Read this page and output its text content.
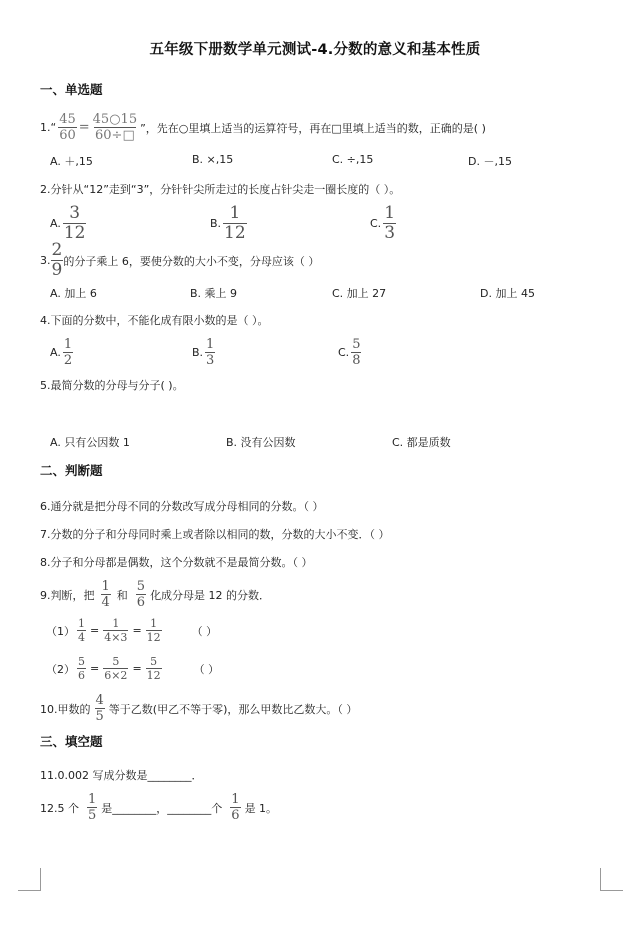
五年级下册数学单元测试-4.分数的意义和基本性质
一、单选题
1.“ $\frac{45}{60} = \frac{45○15}{60\div□}$ ”，先在○里填上适当的运算符号，再在□里填上适当的数，正确的是( )
A. ＋,15	B. ×,15	C. ÷,15	D. －,15
2.分针从“12”走到“3”，分针针尖所走过的长度占针尖走一圈长度的（ ）。
A. $\frac{3}{12}$	B. $\frac{1}{12}$	C. $\frac{1}{3}$
3. $\frac{2}{9}$ 的分子乘上 6，要使分数的大小不变，分母应该（ ）
A. 加上 6	B. 乘上 9	C. 加上 27	D. 加上 45
4.下面的分数中，不能化成有限小数的是（ ）。
A. $\frac{1}{2}$	B. $\frac{1}{3}$	C. $\frac{5}{8}$
5.最简分数的分母与分子( )。
A. 只有公因数 1	B. 没有公因数	C. 都是质数
二、判断题
6.通分就是把分母不同的分数改写成分母相同的分数。（ ）
7.分数的分子和分母同时乘上或者除以相同的数，分数的大小不变．（ ）
8.分子和分母都是偶数，这个分数就不是最简分数。（ ）
9.判断，把 $\frac{1}{4}$ 和 $\frac{5}{6}$ 化成分母是 12 的分数．
$(1) \frac{1}{4} = \frac{1}{4\times 3} = \frac{1}{12}$	（ ）
$(2) \frac{5}{6} = \frac{5}{6\times 2} = \frac{5}{12}$	（ ）
10.甲数的 $\frac{4}{5}$ 等于乙数(甲乙不等于零)，那么甲数比乙数大。（ ）
三、填空题
11.0.002 写成分数是________．
12.5 个 $\frac{1}{5}$ 是________，________个 $\frac{1}{6}$ 是 1。
